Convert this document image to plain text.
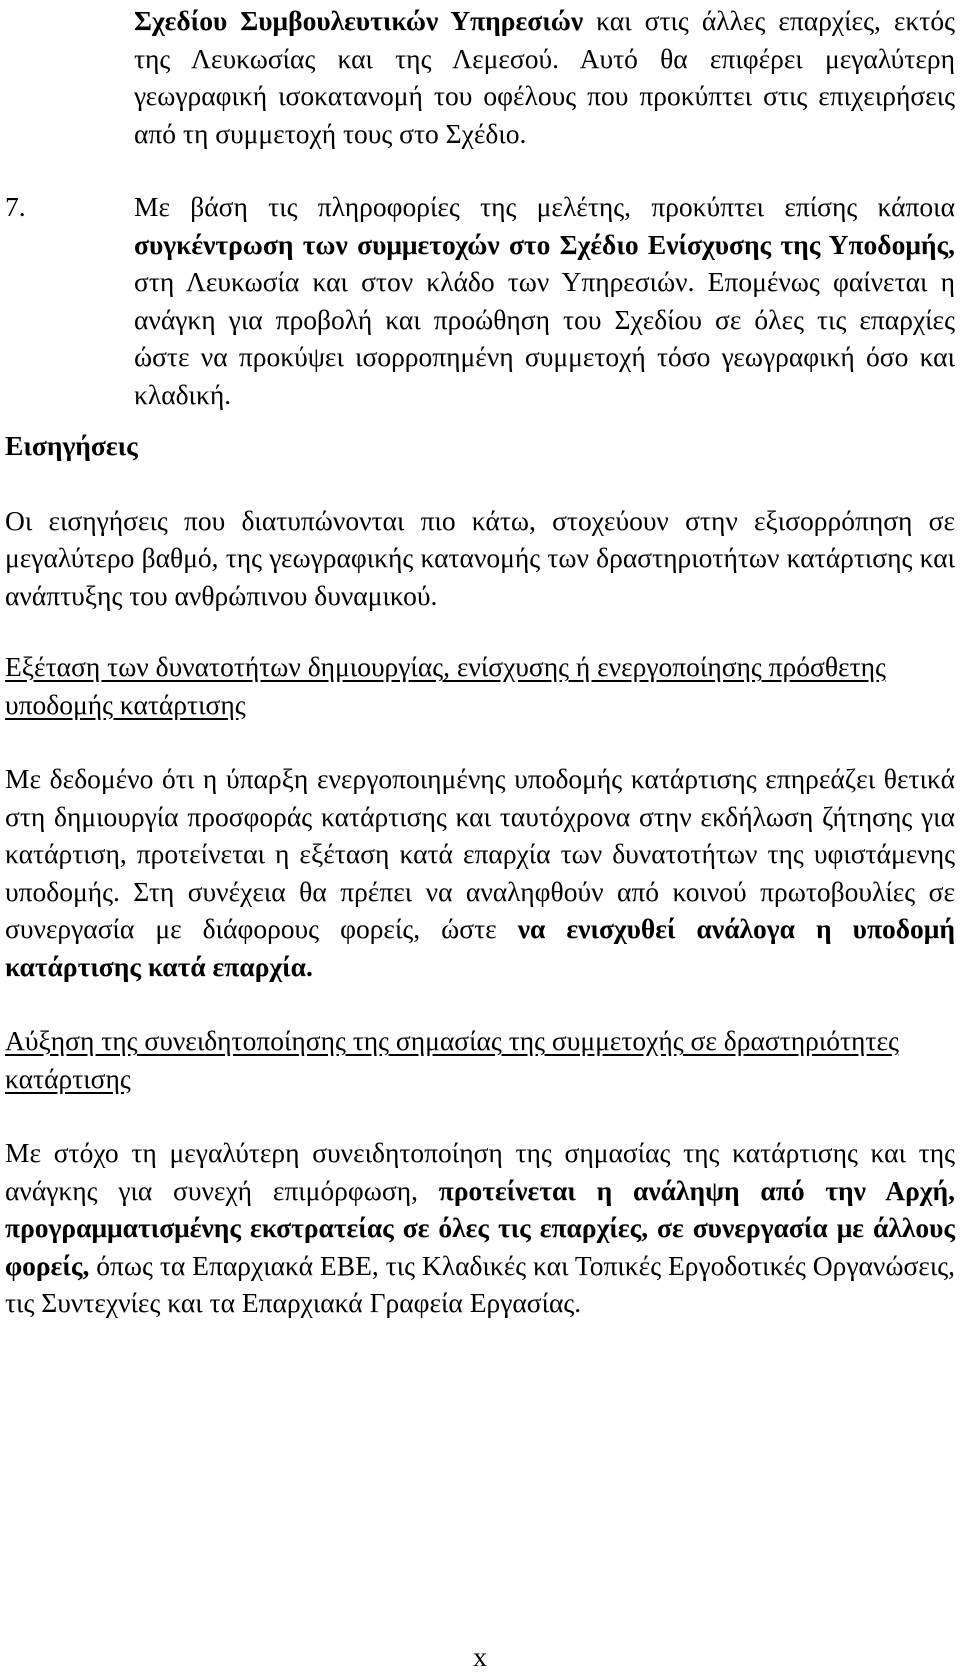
Σχεδίου Συμβουλευτικών Υπηρεσιών και στις άλλες επαρχίες, εκτός της Λευκωσίας και της Λεμεσού. Αυτό θα επιφέρει μεγαλύτερη γεωγραφική ισοκατανομή του οφέλους που προκύπτει στις επιχειρήσεις από τη συμμετοχή τους στο Σχέδιο.

7.	Με βάση τις πληροφορίες της μελέτης, προκύπτει επίσης κάποια συγκέντρωση των συμμετοχών στο Σχέδιο Ενίσχυσης της Υποδομής, στη Λευκωσία και στον κλάδο των Υπηρεσιών. Επομένως φαίνεται η ανάγκη για προβολή και προώθηση του Σχεδίου σε όλες τις επαρχίες ώστε να προκύψει ισορροπημένη συμμετοχή τόσο γεωγραφική όσο και κλαδική.

Εισηγήσεις

Οι εισηγήσεις που διατυπώνονται πιο κάτω, στοχεύουν στην εξισορρόπηση σε μεγαλύτερο βαθμό, της γεωγραφικής κατανομής των δραστηριοτήτων κατάρτισης και ανάπτυξης του ανθρώπινου δυναμικού.

Εξέταση των δυνατοτήτων δημιουργίας, ενίσχυσης ή ενεργοποίησης πρόσθετης υποδομής κατάρτισης

Με δεδομένο ότι η ύπαρξη ενεργοποιημένης υποδομής κατάρτισης επηρεάζει θετικά στη δημιουργία προσφοράς κατάρτισης και ταυτόχρονα στην εκδήλωση ζήτησης για κατάρτιση, προτείνεται η εξέταση κατά επαρχία των δυνατοτήτων της υφιστάμενης υποδομής. Στη συνέχεια θα πρέπει να αναληφθούν από κοινού πρωτοβουλίες σε συνεργασία με διάφορους φορείς, ώστε να ενισχυθεί ανάλογα η υποδομή κατάρτισης κατά επαρχία.

Αύξηση της συνειδητοποίησης της σημασίας της συμμετοχής σε δραστηριότητες κατάρτισης

Με στόχο τη μεγαλύτερη συνειδητοποίηση της σημασίας της κατάρτισης και της ανάγκης για συνεχή επιμόρφωση, προτείνεται η ανάληψη από την Αρχή, προγραμματισμένης εκστρατείας σε όλες τις επαρχίες, σε συνεργασία με άλλους φορείς, όπως τα Επαρχιακά ΕΒΕ, τις Κλαδικές και Τοπικές Εργοδοτικές Οργανώσεις, τις Συντεχνίες και τα Επαρχιακά Γραφεία Εργασίας.

x
